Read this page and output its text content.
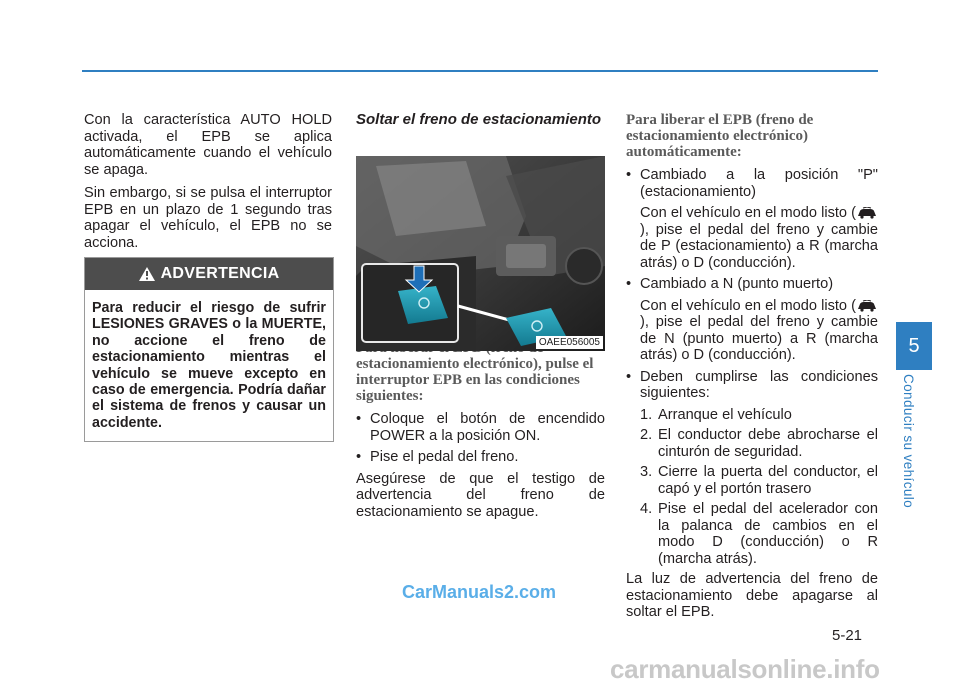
Con la característica AUTO HOLD activada, el EPB se aplica automáticamente cuando el vehículo se apaga.

Sin embargo, si se pulsa el interruptor EPB en un plazo de 1 segundo tras apagar el vehículo, el EPB no se acciona.

ADVERTENCIA
Para reducir el riesgo de sufrir LESIONES GRAVES o la MUERTE, no accione el freno de estacionamiento mientras el vehículo se mueve excepto en caso de emergencia. Podría dañar el sistema de frenos y causar un accidente.
Soltar el freno de estacionamiento
estacionamiento electrónico), pulse el interruptor EPB en las condiciones siguientes:
• Coloque el botón de encendido POWER a la posición ON.
• Pise el pedal del freno.

Asegúrese de que el testigo de advertencia del freno de estacionamiento se apague.

OAEE056005
Para liberar el EPB (freno de estacionamiento electrónico) automáticamente:
• Cambiado a la posición "P" (estacionamiento)
Con el vehículo en el modo listo (), pise el pedal del freno y cambie de P (estacionamiento) a R (marcha atrás) o D (conducción).
• Cambiado a N (punto muerto)
Con el vehículo en el modo listo (), pise el pedal del freno y cambie de N (punto muerto) a R (marcha atrás) o D (conducción).
• Deben cumplirse las condiciones siguientes:
1. Arranque el vehículo
2. El conductor debe abrocharse el cinturón de seguridad.
3. Cierre la puerta del conductor, el capó y el portón trasero
4. Pise el pedal del acelerador con la palanca de cambios en el modo D (conducción) o R (marcha atrás).

La luz de advertencia del freno de estacionamiento debe apagarse al soltar el EPB.

5
Conducir su vehículo
5-21
CarManuals2.com
carmanualsonline.info
